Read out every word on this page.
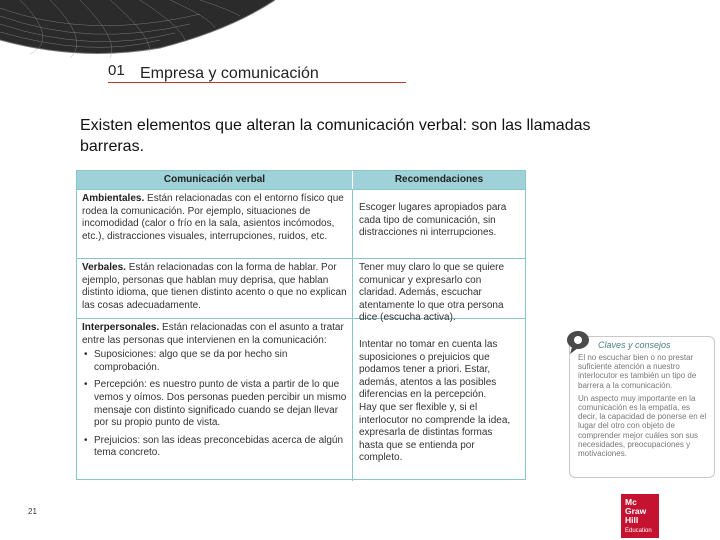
01 Empresa y comunicación
Existen elementos que alteran la comunicación verbal: son las llamadas barreras.
Comunicación verbal	Recomendaciones
Ambientales. Están relacionadas con el entorno físico que rodea la comunicación. Por ejemplo, situaciones de incomodidad (calor o frío en la sala, asientos incómodos, etc.), distracciones visuales, interrupciones, ruidos, etc.
Escoger lugares apropiados para cada tipo de comunicación, sin distracciones ni interrupciones.
Verbales. Están relacionadas con la forma de hablar. Por ejemplo, personas que hablan muy deprisa, que hablan distinto idioma, que tienen distinto acento o que no explican las cosas adecuadamente.
Tener muy claro lo que se quiere comunicar y expresarlo con claridad. Además, escuchar atentamente lo que otra persona dice (escucha activa).
Interpersonales. Están relacionadas con el asunto a tratar entre las personas que intervienen en la comunicación:
• Suposiciones: algo que se da por hecho sin comprobación.
• Percepción: es nuestro punto de vista a partir de lo que vemos y oímos. Dos personas pueden percibir un mismo mensaje con distinto significado cuando se dejan llevar por su propio punto de vista.
• Prejuicios: son las ideas preconcebidas acerca de algún tema concreto.

Intentar no tomar en cuenta las suposiciones o prejuicios que podamos tener a priori. Estar, además, atentos a las posibles diferencias en la percepción.

Hay que ser flexible y, si el interlocutor no comprende la idea, expresarla de distintas formas hasta que se entienda por completo.

Claves y consejos

El no escuchar bien o no prestar suficiente atención a nuestro interlocutor es también un tipo de barrera a la comunicación.

Un aspecto muy importante en la comunicación es la empatía, es decir, la capacidad de ponerse en el lugar del otro con objeto de comprender mejor cuáles son sus necesidades, preocupaciones y motivaciones.

21
Mc
Graw
Hill
Education
